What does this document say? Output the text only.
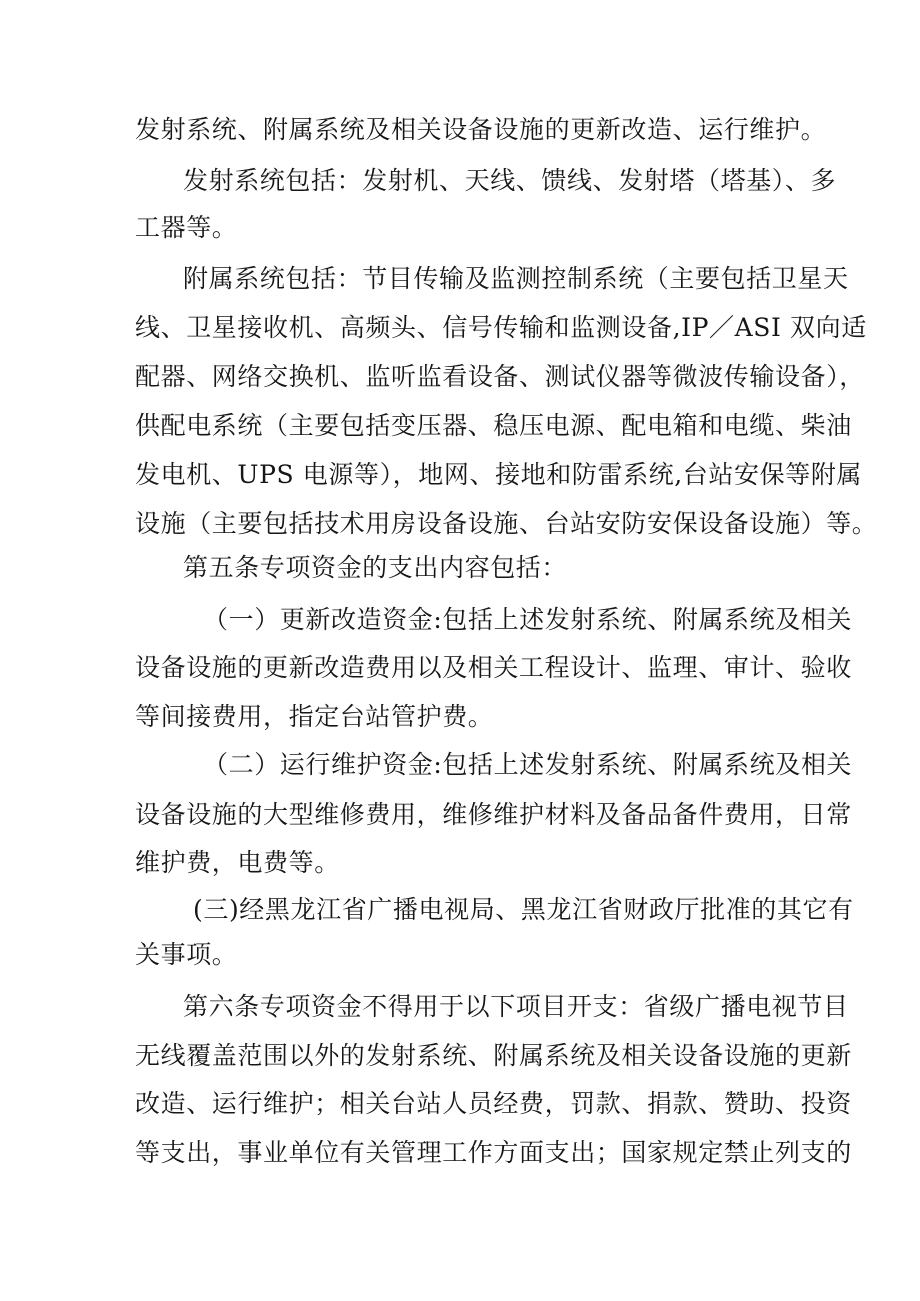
发射系统、附属系统及相关设备设施的更新改造、运行维护。

发射系统包括：发射机、天线、馈线、发射塔（塔基）、多

工器等。

附属系统包括：节目传输及监测控制系统（主要包括卫星天

线、卫星接收机、高频头、信号传输和监测设备,IP／ASI 双向适

配器、网络交换机、监听监看设备、测试仪器等微波传输设备），

供配电系统（主要包括变压器、稳压电源、配电箱和电缆、柴油

发电机、UPS 电源等），地网、接地和防雷系统,台站安保等附属

设施（主要包括技术用房设备设施、台站安防安保设备设施）等。

第五条专项资金的支出内容包括：

（一）更新改造资金:包括上述发射系统、附属系统及相关

设备设施的更新改造费用以及相关工程设计、监理、审计、验收

等间接费用，指定台站管护费。

（二）运行维护资金:包括上述发射系统、附属系统及相关

设备设施的大型维修费用，维修维护材料及备品备件费用，日常

维护费，电费等。

(三)经黑龙江省广播电视局、黑龙江省财政厅批准的其它有

关事项。

第六条专项资金不得用于以下项目开支：省级广播电视节目

无线覆盖范围以外的发射系统、附属系统及相关设备设施的更新

改造、运行维护；相关台站人员经费，罚款、捐款、赞助、投资

等支出，事业单位有关管理工作方面支出；国家规定禁止列支的
